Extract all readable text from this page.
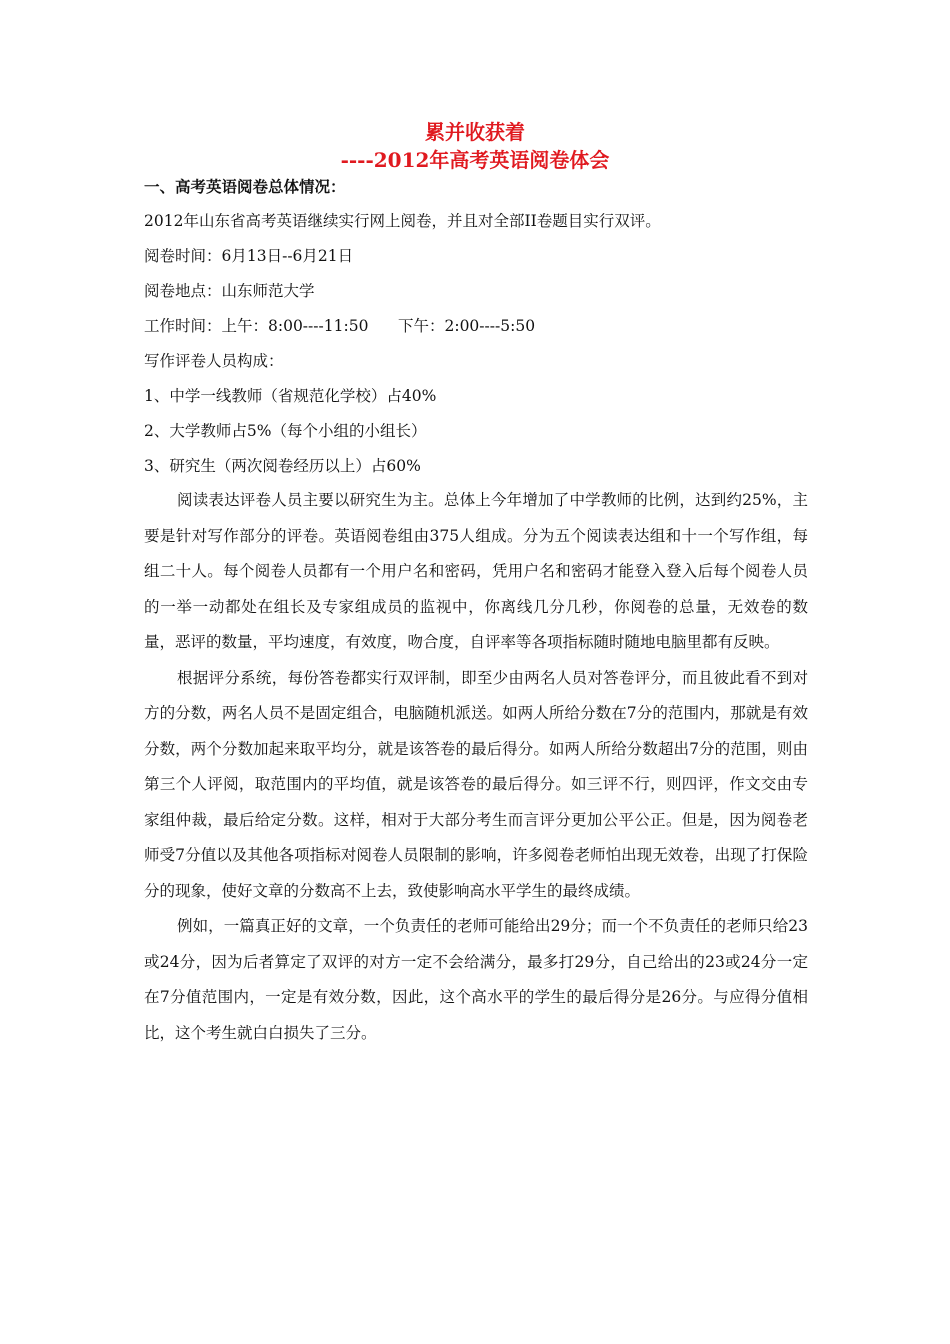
累并收获着
----2012年高考英语阅卷体会
一、高考英语阅卷总体情况：
2012年山东省高考英语继续实行网上阅卷，并且对全部II卷题目实行双评。
阅卷时间：6月13日--6月21日
阅卷地点：山东师范大学
工作时间：上午：8:00----11:50      下午：2:00----5:50
写作评卷人员构成：
1、中学一线教师（省规范化学校）占40%
2、大学教师占5%（每个小组的小组长）
3、研究生（两次阅卷经历以上）占60%

阅读表达评卷人员主要以研究生为主。总体上今年增加了中学教师的比例，达到约25%，主要是针对写作部分的评卷。英语阅卷组由375人组成。分为五个阅读表达组和十一个写作组，每组二十人。每个阅卷人员都有一个用户名和密码，凭用户名和密码才能登入登入后每个阅卷人员的一举一动都处在组长及专家组成员的监视中，你离线几分几秒，你阅卷的总量，无效卷的数量，恶评的数量，平均速度，有效度，吻合度，自评率等各项指标随时随地电脑里都有反映。

根据评分系统，每份答卷都实行双评制，即至少由两名人员对答卷评分，而且彼此看不到对方的分数，两名人员不是固定组合，电脑随机派送。如两人所给分数在7分的范围内，那就是有效分数，两个分数加起来取平均分，就是该答卷的最后得分。如两人所给分数超出7分的范围，则由第三个人评阅，取范围内的平均值，就是该答卷的最后得分。如三评不行，则四评，作文交由专家组仲裁，最后给定分数。这样，相对于大部分考生而言评分更加公平公正。但是，因为阅卷老师受7分值以及其他各项指标对阅卷人员限制的影响，许多阅卷老师怕出现无效卷，出现了打保险分的现象，使好文章的分数高不上去，致使影响高水平学生的最终成绩。

例如，一篇真正好的文章，一个负责任的老师可能给出29分；而一个不负责任的老师只给23或24分，因为后者算定了双评的对方一定不会给满分，最多打29分，自己给出的23或24分一定在7分值范围内，一定是有效分数，因此，这个高水平的学生的最后得分是26分。与应得分值相比，这个考生就白白损失了三分。
